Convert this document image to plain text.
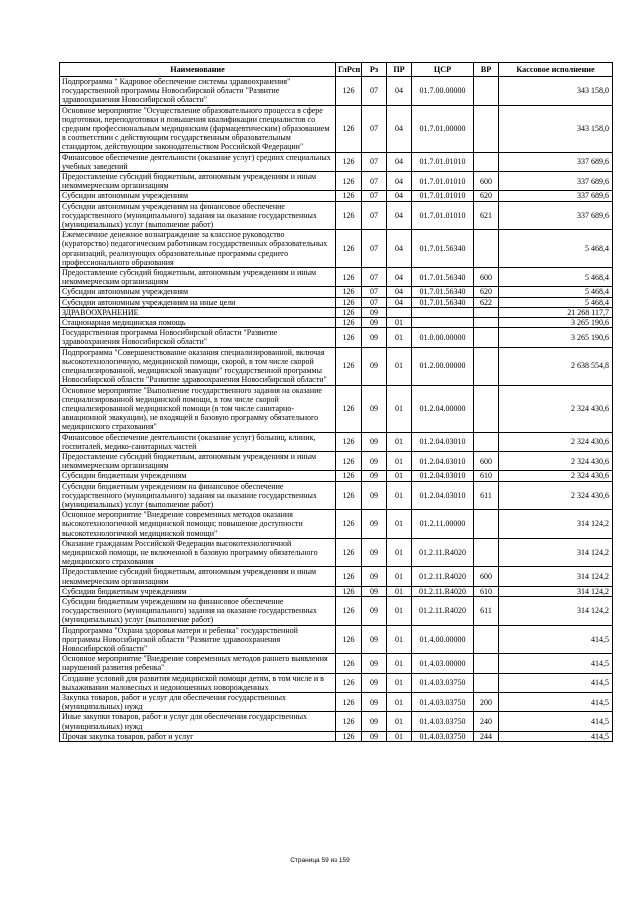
Наименование	ГлРсп	Рз	ПР	ЦСР	ВР	Кассовое исполнение
Подпрограмма " Кадровое обеспечение системы здравоохранения" государственной программы Новосибирской области "Развитие здравоохранения Новосибирской области"	126	07	04	01.7.00.00000		343 158,0
Основное мероприятие "Осуществление образовательного процесса в сфере подготовки, переподготовки и повышения квалификации специалистов со средним профессиональным медицинским (фармацевтическим) образованием в соответствии с действующим государственным образовательным стандартом, действующим законодательством Российской Федерации"	126	07	04	01.7.01.00000		343 158,0
Финансовое обеспечение деятельности (оказание услуг) средних специальных учебных заведений	126	07	04	01.7.01.01010		337 689,6
Предоставление субсидий бюджетным, автономным учреждениям и иным некоммерческим организациям	126	07	04	01.7.01.01010	600	337 689,6
Субсидии автономным учреждениям	126	07	04	01.7.01.01010	620	337 689,6
Субсидии автономным учреждениям на финансовое обеспечение государственного (муниципального) задания на оказание государственных (муниципальных) услуг (выполнение работ)	126	07	04	01.7.01.01010	621	337 689,6
Ежемесячное денежное вознаграждение за классное руководство (кураторство) педагогическим работникам государственных образовательных организаций, реализующих образовательные программы среднего профессионального образования	126	07	04	01.7.01.56340		5 468,4
Предоставление субсидий бюджетным, автономным учреждениям и иным некоммерческим организациям	126	07	04	01.7.01.56340	600	5 468,4
Субсидии автономным учреждениям	126	07	04	01.7.01.56340	620	5 468,4
Субсидии автономным учреждениям на иные цели	126	07	04	01.7.01.56340	622	5 468,4
ЗДРАВООХРАНЕНИЕ	126	09				21 268 117,7
Стационарная медицинская помощь	126	09	01			3 265 190,6
Государственная программа Новосибирской области "Развитие здравоохранения Новосибирской области"	126	09	01	01.0.00.00000		3 265 190,6
Подпрограмма "Совершенствование оказания специализированной, включая высокотехнологичную, медицинской помощи, скорой, в том числе скорой специализированной, медицинской эвакуации" государственной программы Новосибирской области "Развитие здравоохранения Новосибирской области"	126	09	01	01.2.00.00000		2 638 554,8
Основное мероприятие "Выполнение государственного задания на оказание специализированной медицинской помощи, в том числе скорой специализированной медицинской помощи (в том числе санитарно-авиационной эвакуации), не входящей в базовую программу обязательного медицинского страхования"	126	09	01	01.2.04.00000		2 324 430,6
Финансовое обеспечение деятельности (оказание услуг) больниц, клиник, госпиталей, медико-санитарных частей	126	09	01	01.2.04.03010		2 324 430,6
Предоставление субсидий бюджетным, автономным учреждениям и иным некоммерческим организациям	126	09	01	01.2.04.03010	600	2 324 430,6
Субсидии бюджетным учреждениям	126	09	01	01.2.04.03010	610	2 324 430,6
Субсидии бюджетным учреждениям на финансовое обеспечение государственного (муниципального) задания на оказание государственных (муниципальных) услуг (выполнение работ)	126	09	01	01.2.04.03010	611	2 324 430,6
Основное мероприятие "Внедрение современных методов оказания высокотехнологичной медицинской помощи; повышение доступности высокотехнологичной медицинской помощи"	126	09	01	01.2.11.00000		314 124,2
Оказание гражданам Российской Федерации высокотехнологичной медицинской помощи, не включенной в базовую программу обязательного медицинского страхования	126	09	01	01.2.11.R4020		314 124,2
Предоставление субсидий бюджетным, автономным учреждениям и иным некоммерческим организациям	126	09	01	01.2.11.R4020	600	314 124,2
Субсидии бюджетным учреждениям	126	09	01	01.2.11.R4020	610	314 124,2
Субсидии бюджетным учреждениям на финансовое обеспечение государственного (муниципального) задания на оказание государственных (муниципальных) услуг (выполнение работ)	126	09	01	01.2.11.R4020	611	314 124,2
Подпрограмма "Охрана здоровья матери и ребенка" государственной программы Новосибирской области "Развитие здравоохранения Новосибирской области"	126	09	01	01.4.00.00000		414,5
Основное мероприятие "Внедрение современных методов раннего выявления нарушений развития ребенка"	126	09	01	01.4.03.00000		414,5
Создание условий для развития медицинской помощи детям, в том числе и в выхаживании маловесных и недоношенных новорожденных	126	09	01	01.4.03.03750		414,5
Закупка товаров, работ и услуг для обеспечения государственных (муниципальных) нужд	126	09	01	01.4.03.03750	200	414,5
Иные закупки товаров, работ и услуг для обеспечения государственных (муниципальных) нужд	126	09	01	01.4.03.03750	240	414,5
Прочая закупка товаров, работ и услуг	126	09	01	01.4.03.03750	244	414,5
Страница 59 из 159
